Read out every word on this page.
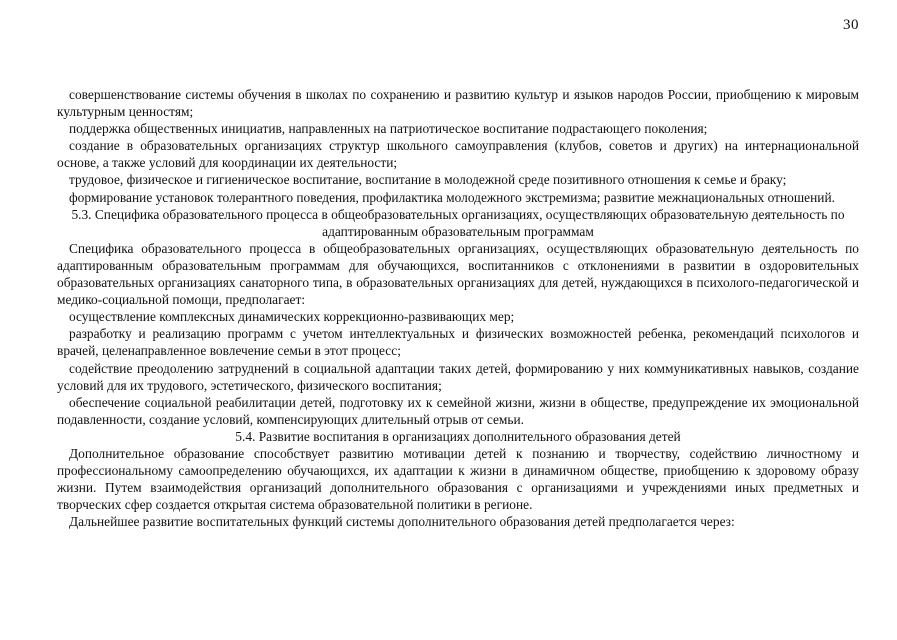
30

совершенствование системы обучения в школах по сохранению и развитию культур и языков народов России, приобщению к мировым культурным ценностям;

поддержка общественных инициатив, направленных на патриотическое воспитание подрастающего поколения;

создание в образовательных организациях структур школьного самоуправления (клубов, советов и других) на интернациональной основе, а также условий для координации их деятельности;

трудовое, физическое и гигиеническое воспитание, воспитание в молодежной среде позитивного отношения к семье и браку;

формирование установок толерантного поведения, профилактика молодежного экстремизма; развитие межнациональных отношений.

5.3. Специфика образовательного процесса в общеобразовательных организациях, осуществляющих образовательную деятельность по адаптированным образовательным программам

Специфика образовательного процесса в общеобразовательных организациях, осуществляющих образовательную деятельность по адаптированным образовательным программам для обучающихся, воспитанников с отклонениями в развитии в оздоровительных образовательных организациях санаторного типа, в образовательных организациях для детей, нуждающихся в психолого-педагогической и медико-социальной помощи, предполагает:

осуществление комплексных динамических коррекционно-развивающих мер;

разработку и реализацию программ с учетом интеллектуальных и физических возможностей ребенка, рекомендаций психологов и врачей, целенаправленное вовлечение семьи в этот процесс;

содействие преодолению затруднений в социальной адаптации таких детей, формированию у них коммуникативных навыков, создание условий для их трудового, эстетического, физического воспитания;

обеспечение социальной реабилитации детей, подготовку их к семейной жизни, жизни в обществе, предупреждение их эмоциональной подавленности, создание условий, компенсирующих длительный отрыв от семьи.

5.4. Развитие воспитания в организациях дополнительного образования детей

Дополнительное образование способствует развитию мотивации детей к познанию и творчеству, содействию личностному и профессиональному самоопределению обучающихся, их адаптации к жизни в динамичном обществе, приобщению к здоровому образу жизни. Путем взаимодействия организаций дополнительного образования с организациями и учреждениями иных предметных и творческих сфер создается открытая система образовательной политики в регионе.

Дальнейшее развитие воспитательных функций системы дополнительного образования детей предполагается через:
